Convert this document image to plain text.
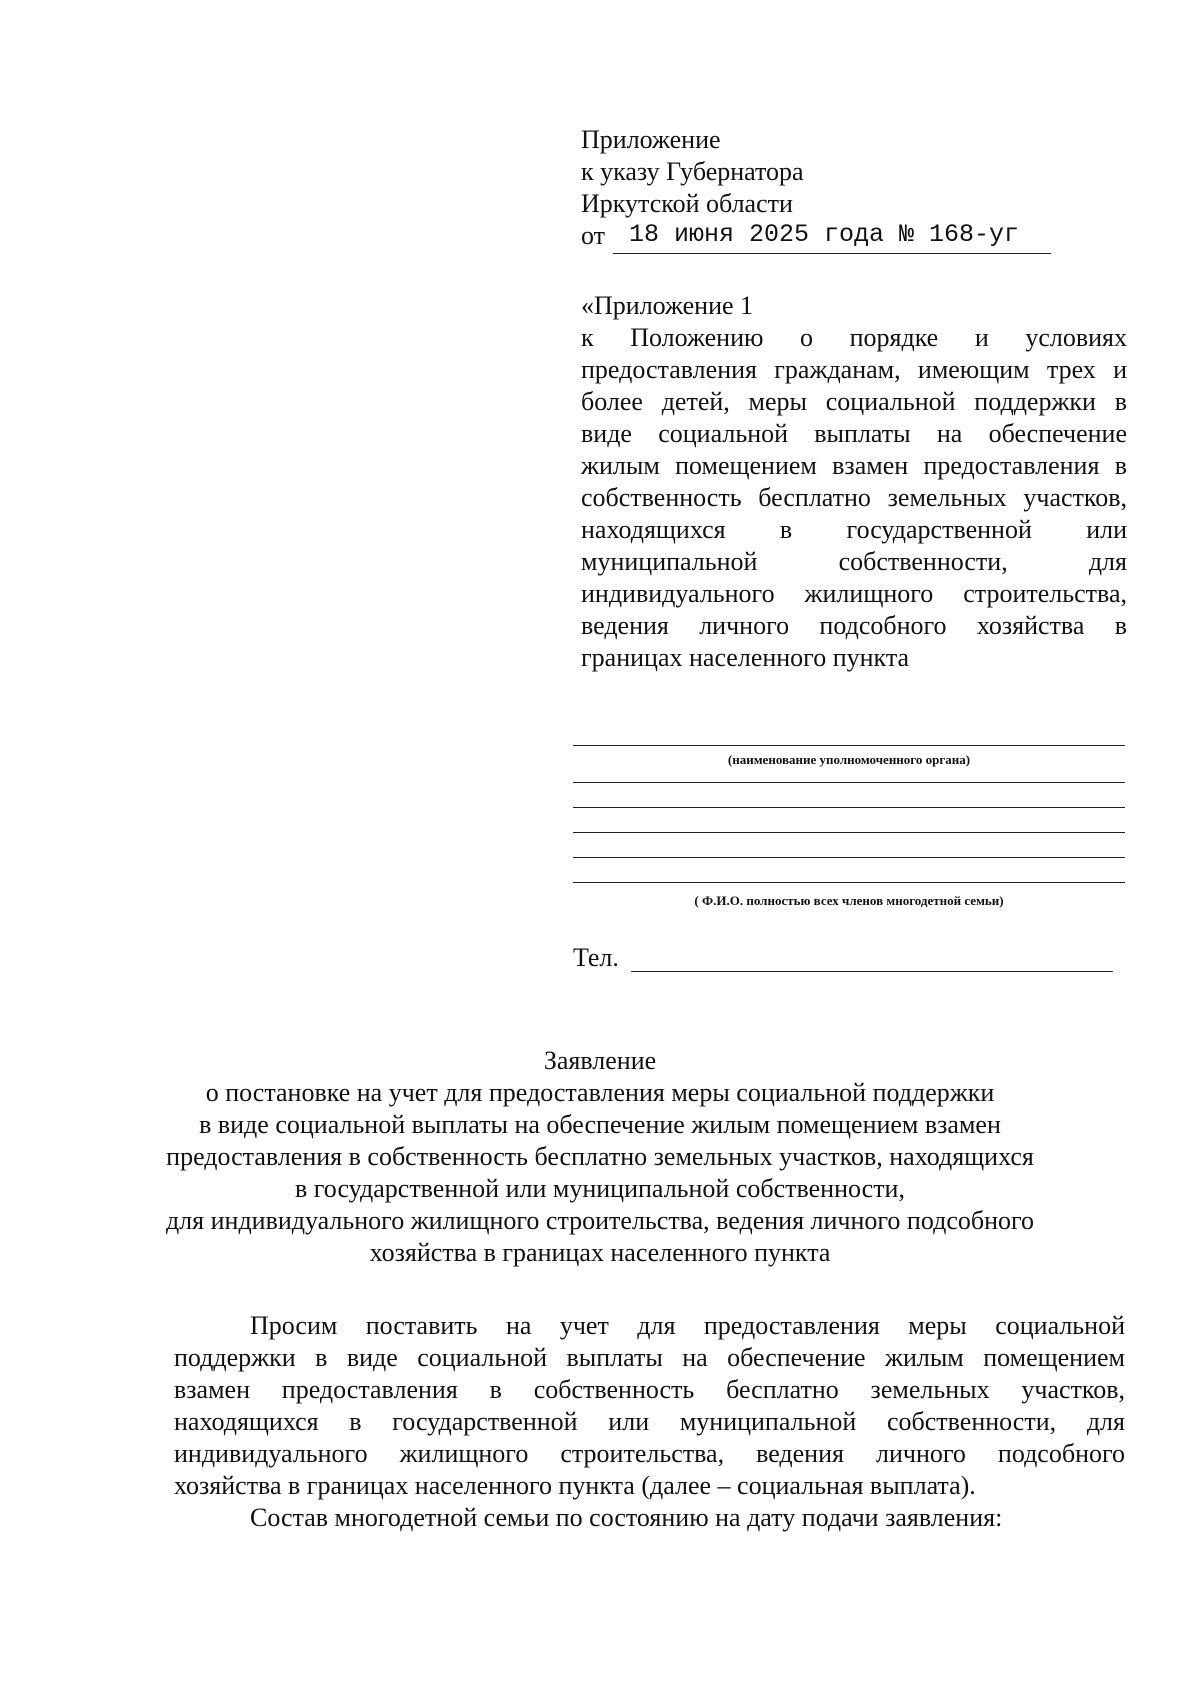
Приложение
к указу Губернатора
Иркутской области
от 18 июня 2025 года № 168-уг
«Приложение 1
к Положению о порядке и условиях
предоставления гражданам, имеющим трех и
более детей, меры социальной поддержки в
виде социальной выплаты на обеспечение
жилым помещением взамен предоставления в
собственность бесплатно земельных участков,
находящихся в государственной или
муниципальной собственности, для
индивидуального жилищного строительства,
ведения личного подсобного хозяйства в
границах населенного пункта
(наименование уполномоченного органа)
( Ф.И.О. полностью всех членов многодетной семьи)
Тел.
Заявление
о постановке на учет для предоставления меры социальной поддержки
в виде социальной выплаты на обеспечение жилым помещением взамен
предоставления в собственность бесплатно земельных участков, находящихся
в государственной или муниципальной собственности,
для индивидуального жилищного строительства, ведения личного подсобного
хозяйства в границах населенного пункта
Просим поставить на учет для предоставления меры социальной
поддержки в виде социальной выплаты на обеспечение жилым помещением
взамен предоставления в собственность бесплатно земельных участков,
находящихся в государственной или муниципальной собственности, для
индивидуального жилищного строительства, ведения личного подсобного
хозяйства в границах населенного пункта (далее – социальная выплата).
Состав многодетной семьи по состоянию на дату подачи заявления:
